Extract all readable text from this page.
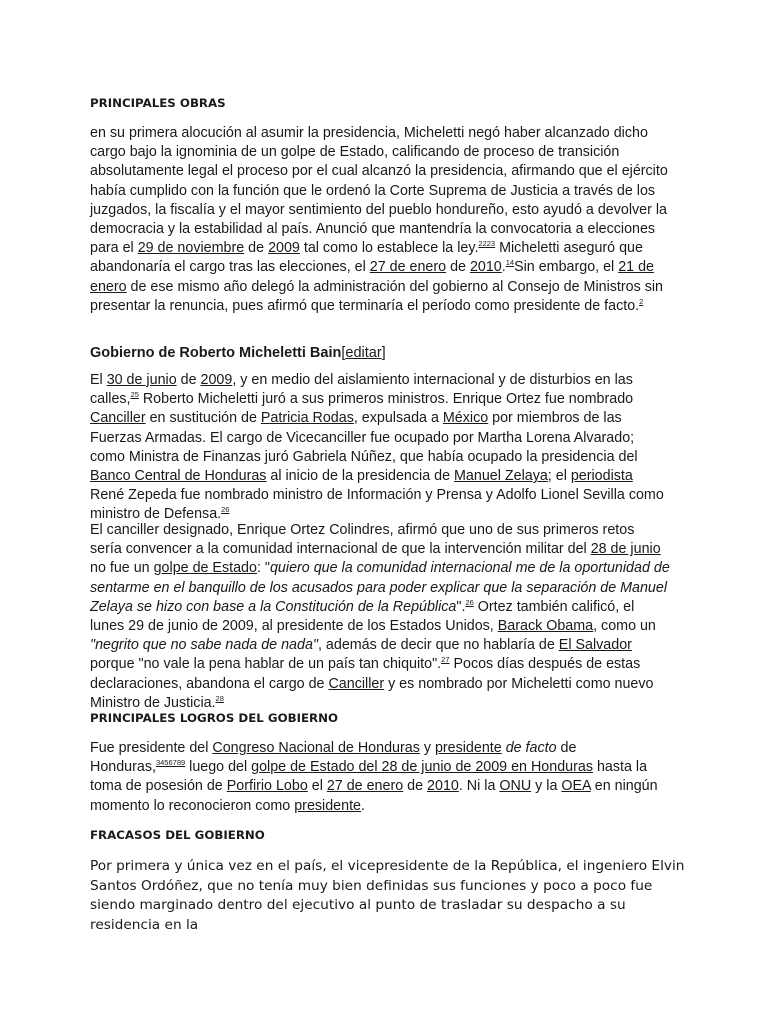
PRINCIPALES OBRAS

en su primera alocución al asumir la presidencia, Micheletti negó haber alcanzado dicho cargo bajo la ignominia de un golpe de Estado, calificando de proceso de transición absolutamente legal el proceso por el cual alcanzó la presidencia, afirmando que el ejército había cumplido con la función que le ordenó la Corte Suprema de Justicia a través de los juzgados, la fiscalía y el mayor sentimiento del pueblo hondureño, esto ayudó a devolver la democracia y la estabilidad al país. Anunció que mantendría la convocatoria a elecciones para el 29 de noviembre de 2009 tal como lo establece la ley.$^{2223}$ Micheletti aseguró que abandonaría el cargo tras las elecciones, el 27 de enero de 2010.14Sin embargo, el 21 de enero de ese mismo año delegó la administración del gobierno al Consejo de Ministros sin presentar la renuncia, pues afirmó que terminaría el período como presidente de facto.$^2$

Gobierno de Roberto Micheletti Bain[editar]

El 30 de junio de 2009, y en medio del aislamiento internacional y de disturbios en las calles,$^{25}$ Roberto Micheletti juró a sus primeros ministros. Enrique Ortez fue nombrado Canciller en sustitución de Patricia Rodas, expulsada a México por miembros de las Fuerzas Armadas. El cargo de Vicecanciller fue ocupado por Martha Lorena Alvarado; como Ministra de Finanzas juró Gabriela Núñez, que había ocupado la presidencia del Banco Central de Honduras al inicio de la presidencia de Manuel Zelaya; el periodista René Zepeda fue nombrado ministro de Información y Prensa y Adolfo Lionel Sevilla como ministro de Defensa.$^{26}$

El canciller designado, Enrique Ortez Colindres, afirmó que uno de sus primeros retos sería convencer a la comunidad internacional de que la intervención militar del 28 de junio no fue un golpe de Estado: "quiero que la comunidad internacional me de la oportunidad de sentarme en el banquillo de los acusados para poder explicar que la separación de Manuel Zelaya se hizo con base a la Constitución de la República".$^{26}$ Ortez también calificó, el lunes 29 de junio de 2009, al presidente de los Estados Unidos, Barack Obama, como un "negrito que no sabe nada de nada", además de decir que no hablaría de El Salvador porque "no vale la pena hablar de un país tan chiquito".$^{27}$ Pocos días después de estas declaraciones, abandona el cargo de Canciller y es nombrado por Micheletti como nuevo Ministro de Justicia.$^{28}$

PRINCIPALES LOGROS DEL GOBIERNO

Fue presidente del Congreso Nacional de Honduras y presidente de facto de Honduras,$^{3456789}$ luego del golpe de Estado del 28 de junio de 2009 en Honduras hasta la toma de posesión de Porfirio Lobo el 27 de enero de 2010. Ni la ONU y la OEA en ningún momento lo reconocieron como presidente.

FRACASOS DEL GOBIERNO

Por primera y única vez en el país, el vicepresidente de la República, el ingeniero Elvin Santos Ordóñez, que no tenía muy bien definidas sus funciones y poco a poco fue siendo marginado dentro del ejecutivo al punto de trasladar su despacho a su residencia en la
